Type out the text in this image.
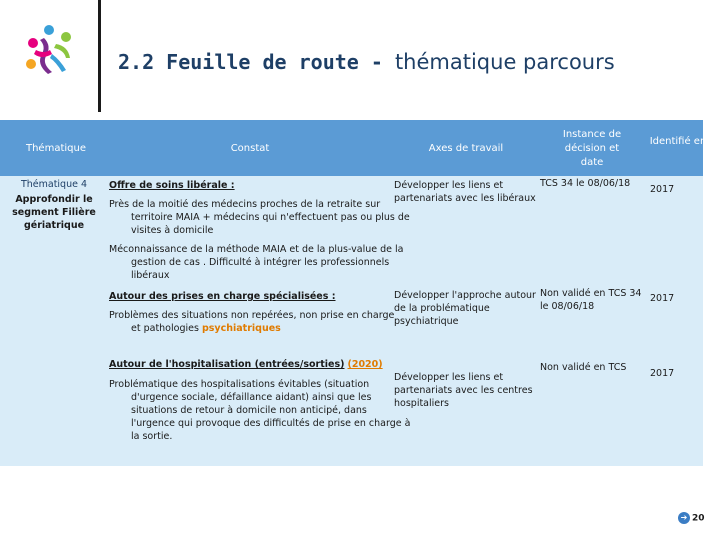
2.2 Feuille de route - thématique parcours
Thématique	Constat	Axes de travail
Instance de décision et date
Identifié en
Thématique 4
Approfondir le segment Filière gériatrique
Offre de soins libérale :
Près de la moitié des médecins proches de la retraite sur territoire MAIA + médecins qui n'effectuent pas ou plus de visites à domicile
Développer les liens et partenariats avec les libéraux
TCS 34 le 08/06/18
2017
Méconnaissance de la méthode MAIA et de la plus-value de la gestion de cas . Difficulté à intégrer les professionnels libéraux
Autour des prises en charge spécialisées :
Problèmes des situations non repérées, non prise en charge et pathologies psychiatriques
Développer l'approche autour de la problématique psychiatrique
Non validé en TCS 34 le 08/06/18
2017
Autour de l'hospitalisation (entrées/sorties) (2020)
Problématique des hospitalisations évitables (situation d'urgence sociale, défaillance aidant) ainsi que les situations de retour à domicile non anticipé, dans l'urgence qui provoque des difficultés de prise en charge à la sortie.
Développer les liens et partenariats avec les centres hospitaliers
Non validé en TCS
2017
➔ 20
